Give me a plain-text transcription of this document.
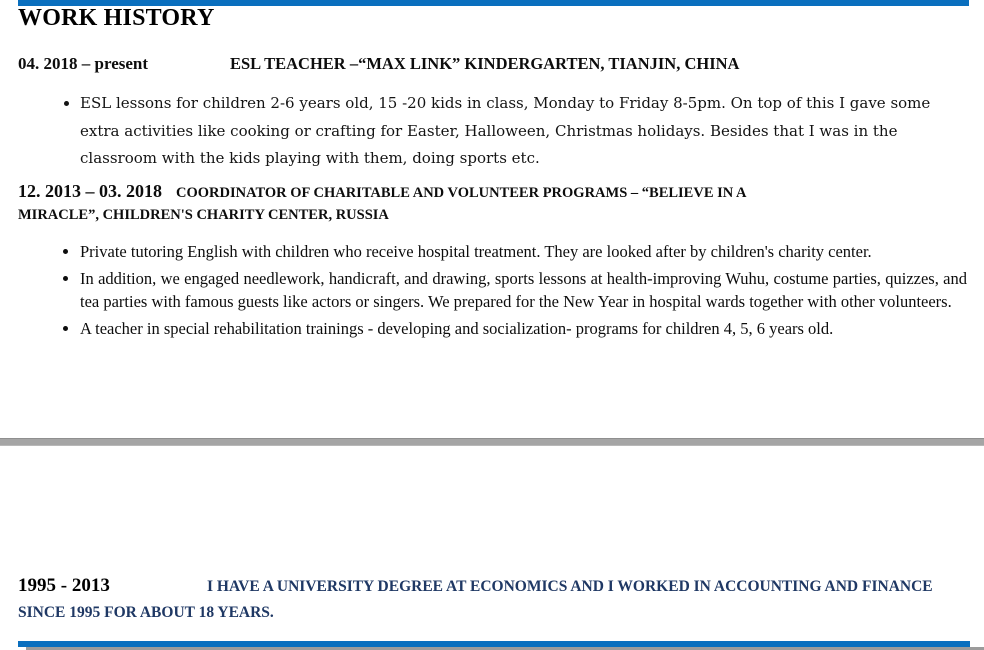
WORK HISTORY

04. 2018 – present	ESL TEACHER –“MAX LINK” KINDERGARTEN, TIANJIN, CHINA

• ESL lessons for children 2-6 years old, 15 -20 kids in class, Monday to Friday 8-5pm. On top of this I gave some extra activities like cooking or crafting for Easter, Halloween, Christmas holidays. Besides that I was in the classroom with the kids playing with them, doing sports etc.

12. 2013 – 03. 2018 COORDINATOR OF CHARITABLE AND VOLUNTEER PROGRAMS – “BELIEVE IN A MIRACLE”, CHILDREN'S CHARITY CENTER, RUSSIA

• Private tutoring English with children who receive hospital treatment. They are looked after by children's charity center.
• In addition, we engaged needlework, handicraft, and drawing, sports lessons at health-improving Wuhu, costume parties, quizzes, and tea parties with famous guests like actors or singers. We prepared for the New Year in hospital wards together with other volunteers.
• A teacher in special rehabilitation trainings - developing and socialization- programs for children 4, 5, 6 years old.

1995 - 2013	I HAVE A UNIVERSITY DEGREE AT ECONOMICS AND I WORKED IN ACCOUNTING AND FINANCE SINCE 1995 FOR ABOUT 18 YEARS.
